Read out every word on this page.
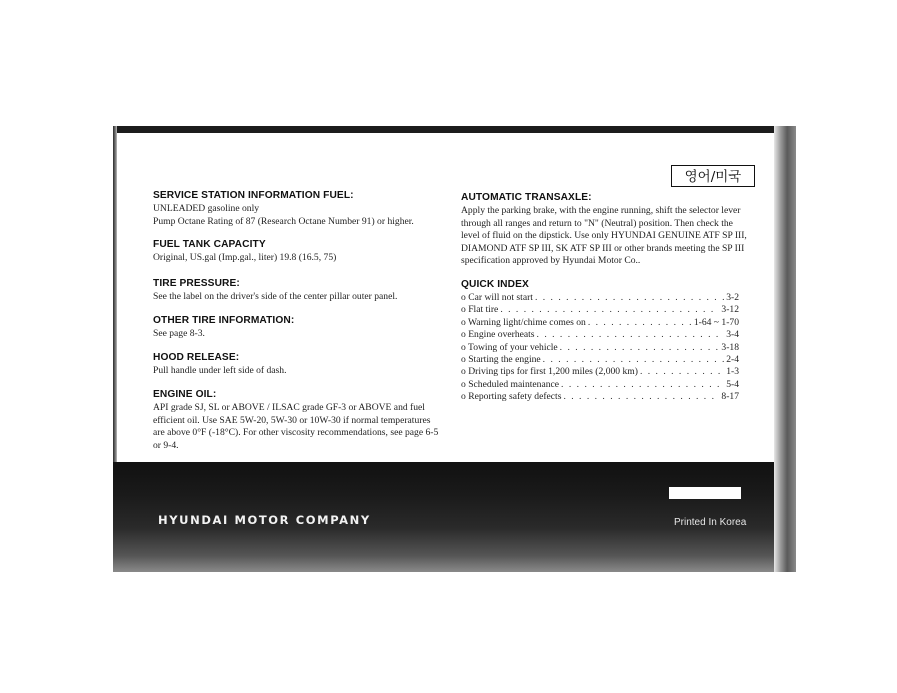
SERVICE STATION INFORMATION FUEL:

UNLEADED gasoline only

Pump Octane Rating of 87 (Research Octane Number 91) or higher.

FUEL TANK CAPACITY

Original, US.gal (Imp.gal., liter) 19.8 (16.5, 75)

TIRE PRESSURE:

See the label on the driver's side of the center pillar outer panel.

OTHER TIRE INFORMATION:

See page 8-3.

HOOD RELEASE:

Pull handle under left side of dash.

ENGINE OIL:

API grade SJ, SL or ABOVE / ILSAC grade GF-3 or ABOVE and fuel

efficient oil. Use SAE 5W-20, 5W-30 or 10W-30 if normal temperatures

are above 0°F (-18°C). For other viscosity recommendations, see page 6-5

or 9-4.

영어/미국

AUTOMATIC TRANSAXLE:

Apply the parking brake, with the engine running, shift the selector lever

through all ranges and return to "N" (Neutral) position. Then check the

level of fluid on the dipstick. Use only HYUNDAI GENUINE ATF SP III,

DIAMOND ATF SP III, SK ATF SP III or other brands meeting the SP III

specification approved by Hyundai Motor Co..

QUICK INDEX

o Car will not start . . .	3-2
o Flat tire . . .	3-12
o Warning light/chime comes on . . .	1-64 ~ 1-70
o Engine overheats . . .	3-4
o Towing of your vehicle . . .	3-18
o Starting the engine . . .	2-4
o Driving tips for first 1,200 miles (2,000 km) . . .	1-3
o Scheduled maintenance . . .	5-4
o Reporting safety defects . . .	8-17
HYUNDAI MOTOR COMPANY	Printed In Korea
